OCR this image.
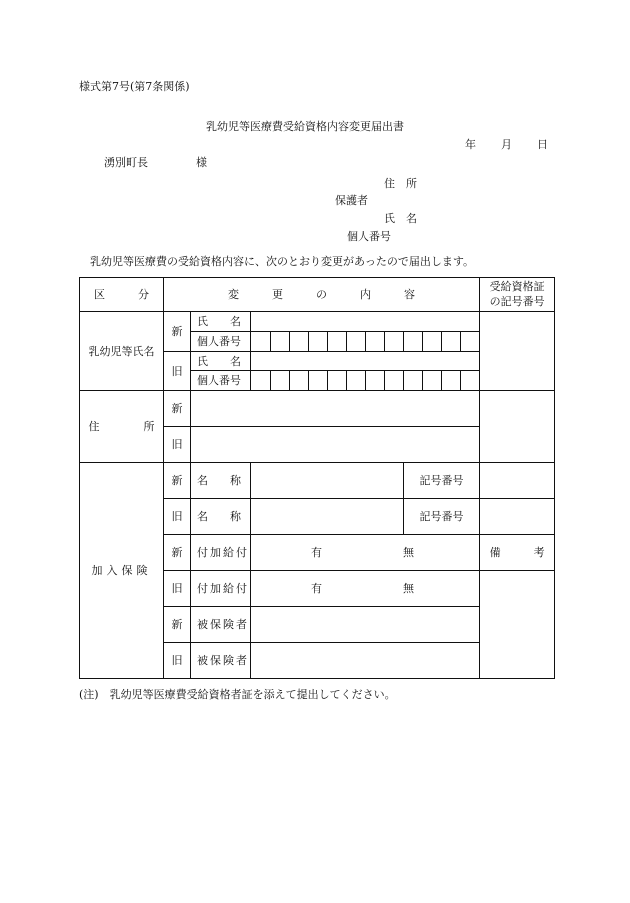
様式第7号(第7条関係)
乳幼児等医療費受給資格内容変更届出書
年 月 日
湧別町長	様
住　所
保護者
氏　名
個人番号
乳幼児等医療費の受給資格内容に、次のとおり変更があったので届出します。
区　　　分	変　　　更　　　の　　　内　　　容														受給資格証
の記号番号
乳幼児等氏名	新	氏　　名													
		個人番号													
	旧	氏　　名													
		個人番号													
住　　　　所	新														
	旧														
加入保険	新	名　　称									記号番号				
	旧	名　　称									記号番号				
	新	付加給付	有 無												備　　　考
	旧	付加給付	有 無												

	新	被保険者													
	旧	被保険者													
(注)　乳幼児等医療費受給資格者証を添えて提出してください。
